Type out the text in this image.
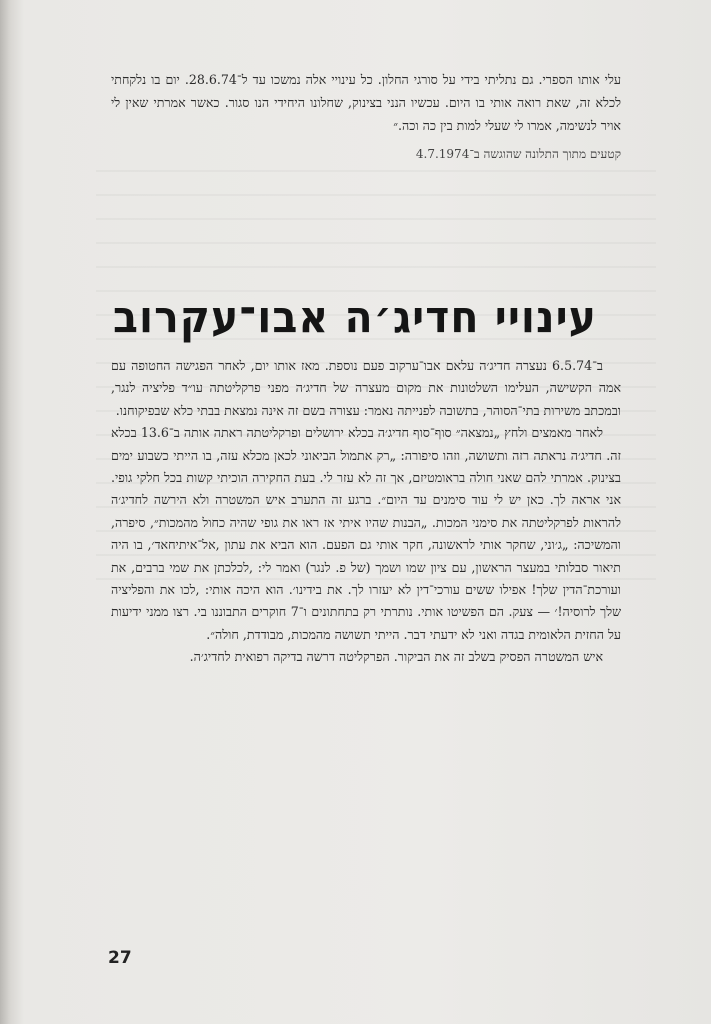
עלי אותו הספרי. גם נתליתי בידי על סורגי החלון. כל עינויי אלה נמשכו עד ל־28.6.74. יום בו נלקחתי לכלא זה, שאת רואה אותי בו היום. עכשיו הנני בצינוק, שחלונו היחידי הנו סגור. כאשר אמרתי שאין לי אויר לנשימה, אמרו לי שעלי למות בין כה וכה.״

קטעים מתוך התלונה שהוגשה ב־4.7.1974

עינויי חדיג׳ה אבו־עקרוב

ב־6.5.74 נעצרה חדיג׳ה עלאם אבו־ערקוב פעם נוספת. מאז אותו יום, לאחר הפגישה החטופה עם אמה הקשישה, העלימו השלטונות את מקום מעצרה של חדיג׳ה מפני פרקליטתה עו״ד פליציה לנגר, ובמכתב משירות בתי־הסוהר, בתשובה לפנייתה נאמר: עצורה בשם זה אינה נמצאת בבתי כלא שבפיקוחנו.

לאחר מאמצים ולחץ „נמצאה״ סוף־סוף חדיג׳ה בכלא ירושלים ופרקליטתה ראתה אותה ב־13.6 בכלא זה. חדיג׳ה נראתה רזה ותשושה, וזהו סיפורה: „רק אתמול הביאוני לכאן מכלא עזה, בו הייתי כשבוע ימים בצינוק. אמרתי להם שאני חולה בראומטיזם, אך זה לא עזר לי. בעת החקירה הוכיתי קשות בכל חלקי גופי. אני אראה לך. כאן יש לי עוד סימנים עד היום״. ברגע זה התערב איש המשטרה ולא הירשה לחדיג׳ה להראות לפרקליטתה את סימני המכות. „הבנות שהיו איתי אז ראו את גופי שהיה כחול מהמכות״, סיפרה, והמשיכה: „ג׳וני, שחקר אותי לראשונה, חקר אותי גם הפעם. הוא הביא את עתון ,אל־איתיחאד׳, בו היה תיאור סבלותי במעצר הראשון, עם ציון שמו ושמך (של פ. לנגר) ואמר לי: ,לכלכתן את שמי ברבים, את ועורכת־הדין שלך! אפילו ששים עורכי־דין לא יעזרו לך. את בידינו׳. הוא היכה אותי: ,לכו את והפליציה שלך לרוסיה!׳ — צעק. הם הפשיטו אותי. נותרתי רק בתחתונים ו־7 חוקרים התבוננו בי. רצו ממני ידיעות על החזית הלאומית בגדה ואני לא ידעתי דבר. הייתי תשושה מהמכות, מבודדת, חולה״.

איש המשטרה הפסיק בשלב זה את הביקור. הפרקליטה דרשה בדיקה רפואית לחדיג׳ה.

27
